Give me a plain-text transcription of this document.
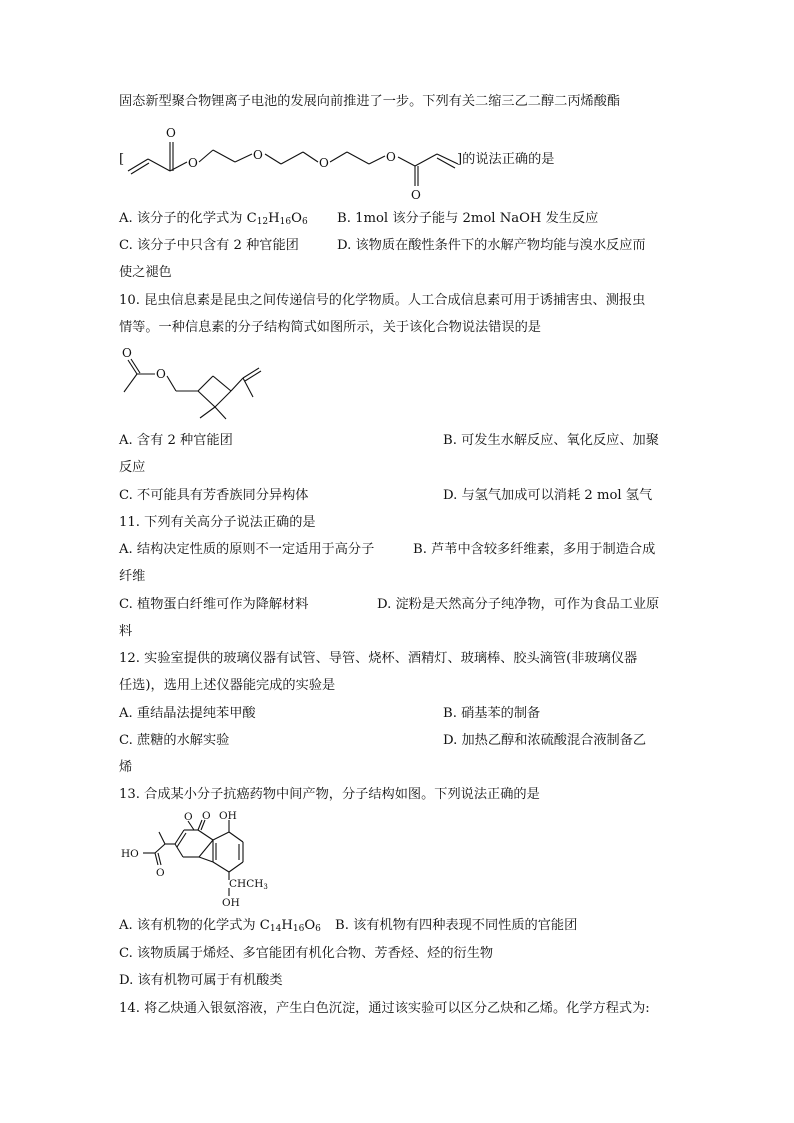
固态新型聚合物锂离子电池的发展向前推进了一步。下列有关二缩三乙二醇二丙烯酸酯
[
O
O
O
O	O
O
]的说法正确的是
A. 该分子的化学式为 $C_{12}H_{16}O_6$ B. 1mol 该分子能与 2mol NaOH 发生反应
C. 该分子中只含有 2 种官能团	D. 该物质在酸性条件下的水解产物均能与溴水反应而
使之褪色
10. 昆虫信息素是昆虫之间传递信号的化学物质。人工合成信息素可用于诱捕害虫、测报虫
情等。一种信息素的分子结构简式如图所示，关于该化合物说法错误的是
O
O
A. 含有 2 种官能团	B. 可发生水解反应、氧化反应、加聚
反应
C. 不可能具有芳香族同分异构体	D. 与氢气加成可以消耗 2 mol 氢气
11. 下列有关高分子说法正确的是
A. 结构决定性质的原则不一定适用于高分子	B. 芦苇中含较多纤维素，多用于制造合成
纤维
C. 植物蛋白纤维可作为降解材料	D. 淀粉是天然高分子纯净物，可作为食品工业原
料
12. 实验室提供的玻璃仪器有试管、导管、烧杯、酒精灯、玻璃棒、胶头滴管(非玻璃仪器
任选)，选用上述仪器能完成的实验是
A. 重结晶法提纯苯甲酸	B. 硝基苯的制备
C. 蔗糖的水解实验	D. 加热乙醇和浓硫酸混合液制备乙
烯
13. 合成某小分子抗癌药物中间产物，分子结构如图。下列说法正确的是
HO
O
O O OH
CHCH3
OH
A. 该有机物的化学式为 $C_{14}H_{16}O_6$ B. 该有机物有四种表现不同性质的官能团
C. 该物质属于烯烃、多官能团有机化合物、芳香烃、烃的衍生物
D. 该有机物可属于有机酸类
14. 将乙炔通入银氨溶液，产生白色沉淀，通过该实验可以区分乙炔和乙烯。化学方程式为:
